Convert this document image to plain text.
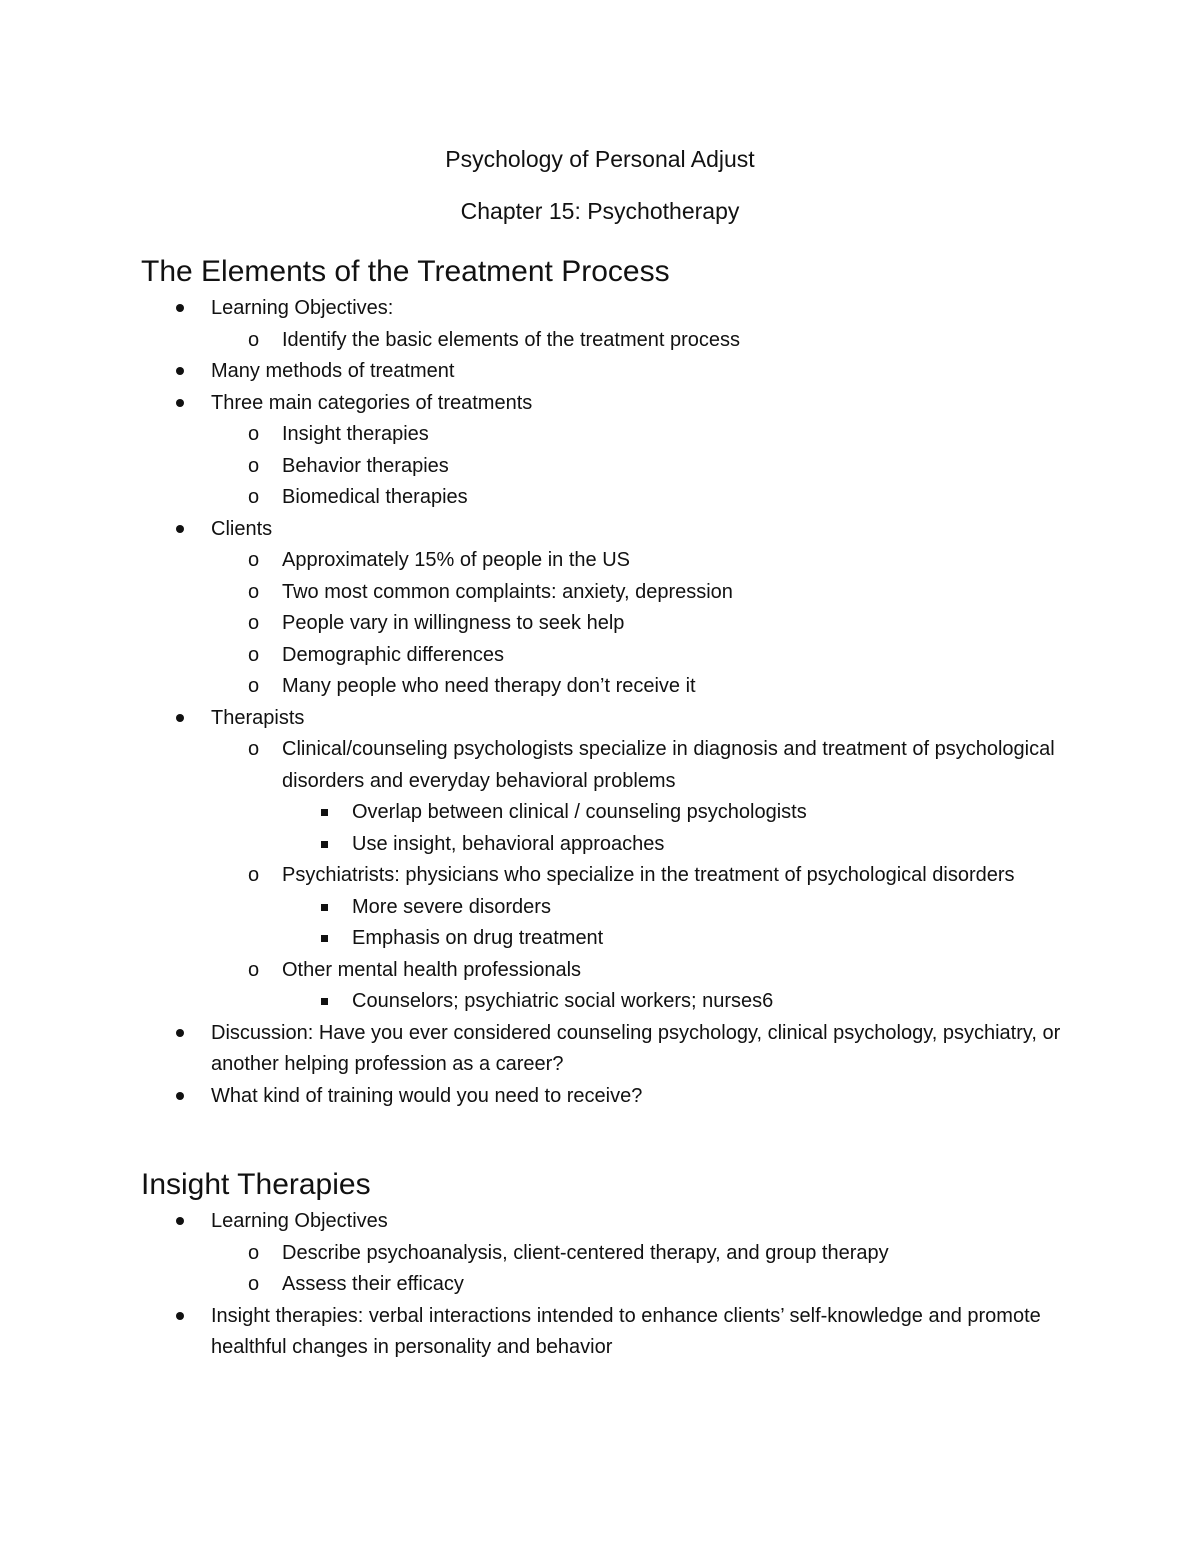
Psychology of Personal Adjust
Chapter 15: Psychotherapy
The Elements of the Treatment Process
Learning Objectives:
o Identify the basic elements of the treatment process
Many methods of treatment
Three main categories of treatments
o Insight therapies
o Behavior therapies
o Biomedical therapies
Clients
o Approximately 15% of people in the US
o Two most common complaints: anxiety, depression
o People vary in willingness to seek help
o Demographic differences
o Many people who need therapy don’t receive it
Therapists
o Clinical/counseling psychologists specialize in diagnosis and treatment of psychological disorders and everyday behavioral problems
Overlap between clinical / counseling psychologists
Use insight, behavioral approaches
o Psychiatrists: physicians who specialize in the treatment of psychological disorders
More severe disorders
Emphasis on drug treatment
o Other mental health professionals
Counselors; psychiatric social workers; nurses6
Discussion: Have you ever considered counseling psychology, clinical psychology, psychiatry, or another helping profession as a career?
What kind of training would you need to receive?
Insight Therapies
Learning Objectives
o Describe psychoanalysis, client-centered therapy, and group therapy
o Assess their efficacy
Insight therapies: verbal interactions intended to enhance clients’ self-knowledge and promote healthful changes in personality and behavior
